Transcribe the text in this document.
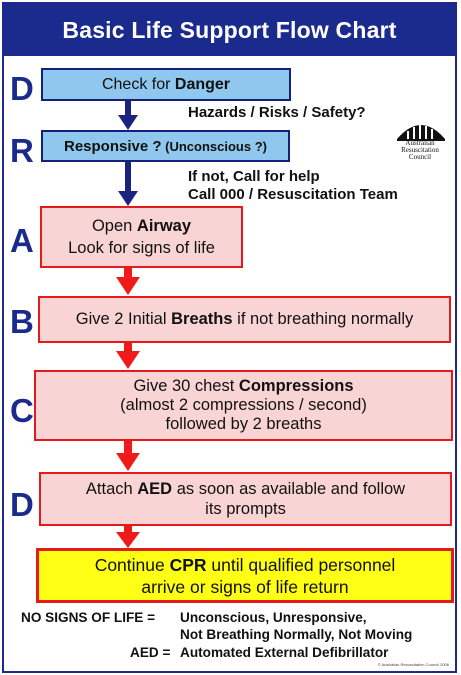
Basic Life Support Flow Chart
D
R
A
B
C
D
Check for Danger
Responsive ? (Unconscious ?)
Open Airway
Look for signs of life
Give 2 Initial Breaths if not breathing normally
Give 30 chest Compressions
(almost 2 compressions / second)
followed by 2 breaths
Attach AED as soon as available and follow
its prompts
Continue CPR until qualified personnel
arrive or signs of life return
Hazards / Risks / Safety?
If not, Call for help
Call 000 / Resuscitation Team
Australian
Resuscitation
Council
NO SIGNS OF LIFE = Unconscious, Unresponsive,
Not Breathing Normally, Not Moving
AED = Automated External Defibrillator
© Australian Resuscitation Council 2006
